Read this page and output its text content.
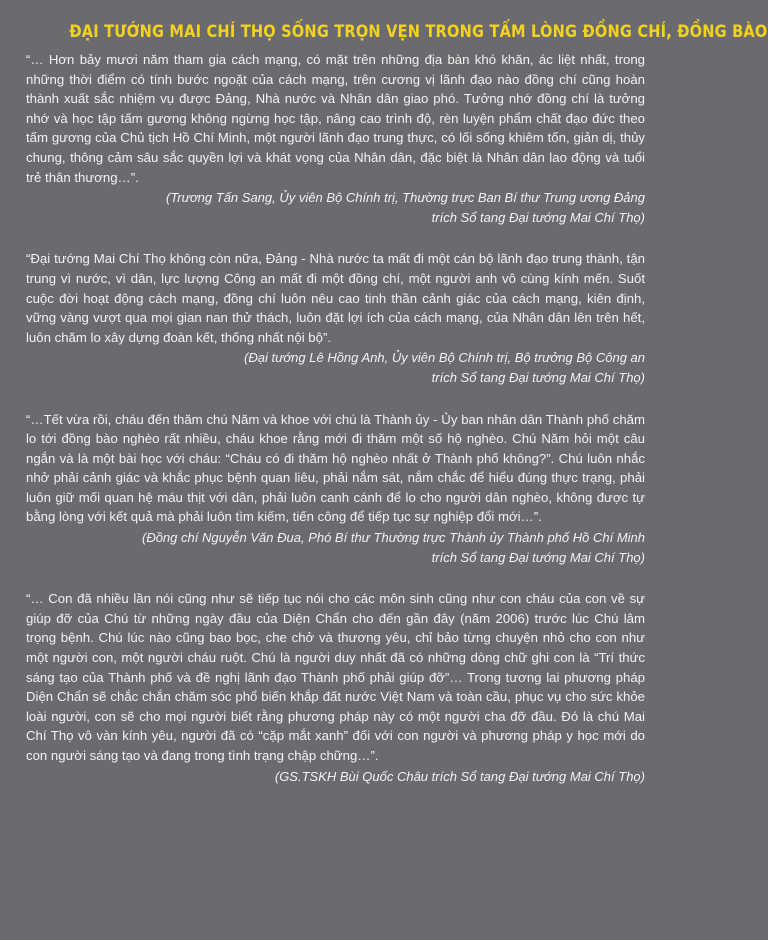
ĐẠI TƯỚNG MAI CHÍ THỌ SỐNG TRỌN VẸN TRONG TẤM LÒNG ĐỒNG CHÍ, ĐỒNG BÀO

“… Hơn bảy mươi năm tham gia cách mạng, có mặt trên những địa bàn khó khăn, ác liệt nhất, trong những thời điểm có tính bước ngoặt của cách mạng, trên cương vị lãnh đạo nào đồng chí cũng hoàn thành xuất sắc nhiệm vụ được Đảng, Nhà nước và Nhân dân giao phó. Tưởng nhớ đồng chí là tưởng nhớ và học tập tấm gương không ngừng học tập, nâng cao trình độ, rèn luyện phẩm chất đạo đức theo tấm gương của Chủ tịch Hồ Chí Minh, một người lãnh đạo trung thực, có lối sống khiêm tốn, giản dị, thủy chung, thông cảm sâu sắc quyền lợi và khát vọng của Nhân dân, đặc biệt là Nhân dân lao động và tuổi trẻ thân thương…”.

(Trương Tấn Sang, Ủy viên Bộ Chính trị, Thường trực Ban Bí thư Trung ương Đảng
trích Sổ tang Đại tướng Mai Chí Thọ)

“Đại tướng Mai Chí Thọ không còn nữa, Đảng - Nhà nước ta mất đi một cán bộ lãnh đạo trung thành, tận trung vì nước, vì dân, lực lượng Công an mất đi một đồng chí, một người anh vô cùng kính mến. Suốt cuộc đời hoạt động cách mạng, đồng chí luôn nêu cao tinh thần cảnh giác của cách mạng, kiên định, vững vàng vượt qua mọi gian nan thử thách, luôn đặt lợi ích của cách mạng, của Nhân dân lên trên hết, luôn chăm lo xây dựng đoàn kết, thống nhất nội bộ”.

(Đại tướng Lê Hồng Anh, Ủy viên Bộ Chính trị, Bộ trưởng Bộ Công an
trích Sổ tang Đại tướng Mai Chí Thọ)

“…Tết vừa rồi, cháu đến thăm chú Năm và khoe với chú là Thành ủy - Ủy ban nhân dân Thành phố chăm lo tới đồng bào nghèo rất nhiều, cháu khoe rằng mới đi thăm một số hộ nghèo. Chú Năm hỏi một câu ngắn và là một bài học với cháu: “Cháu có đi thăm hộ nghèo nhất ở Thành phố không?”. Chú luôn nhắc nhở phải cảnh giác và khắc phục bệnh quan liêu, phải nắm sát, nắm chắc để hiểu đúng thực trạng, phải luôn giữ mối quan hệ máu thịt với dân, phải luôn canh cánh để lo cho người dân nghèo, không được tự bằng lòng với kết quả mà phải luôn tìm kiếm, tiến công để tiếp tục sự nghiệp đổi mới…”.

(Đồng chí Nguyễn Văn Đua, Phó Bí thư Thường trực Thành ủy Thành phố Hồ Chí Minh
trích Sổ tang Đại tướng Mai Chí Thọ)

“… Con đã nhiều lần nói cũng như sẽ tiếp tục nói cho các môn sinh cũng như con cháu của con về sự giúp đỡ của Chú từ những ngày đầu của Diện Chẩn cho đến gần đây (năm 2006) trước lúc Chú lâm trọng bệnh. Chú lúc nào cũng bao bọc, che chở và thương yêu, chỉ bảo từng chuyện nhỏ cho con như một người con, một người cháu ruột. Chú là người duy nhất đã có những dòng chữ ghi con là “Trí thức sáng tạo của Thành phố và đề nghị lãnh đạo Thành phố phải giúp đỡ”… Trong tương lai phương pháp Diện Chẩn sẽ chắc chắn chăm sóc phổ biến khắp đất nước Việt Nam và toàn cầu, phục vụ cho sức khỏe loài người, con sẽ cho mọi người biết rằng phương pháp này có một người cha đỡ đầu. Đó là chú Mai Chí Thọ vô vàn kính yêu, người đã có “cặp mắt xanh” đối với con người và phương pháp y học mới do con người sáng tạo và đang trong tình trạng chập chững…”.

(GS.TSKH Bùi Quốc Châu trích Sổ tang Đại tướng Mai Chí Thọ)
